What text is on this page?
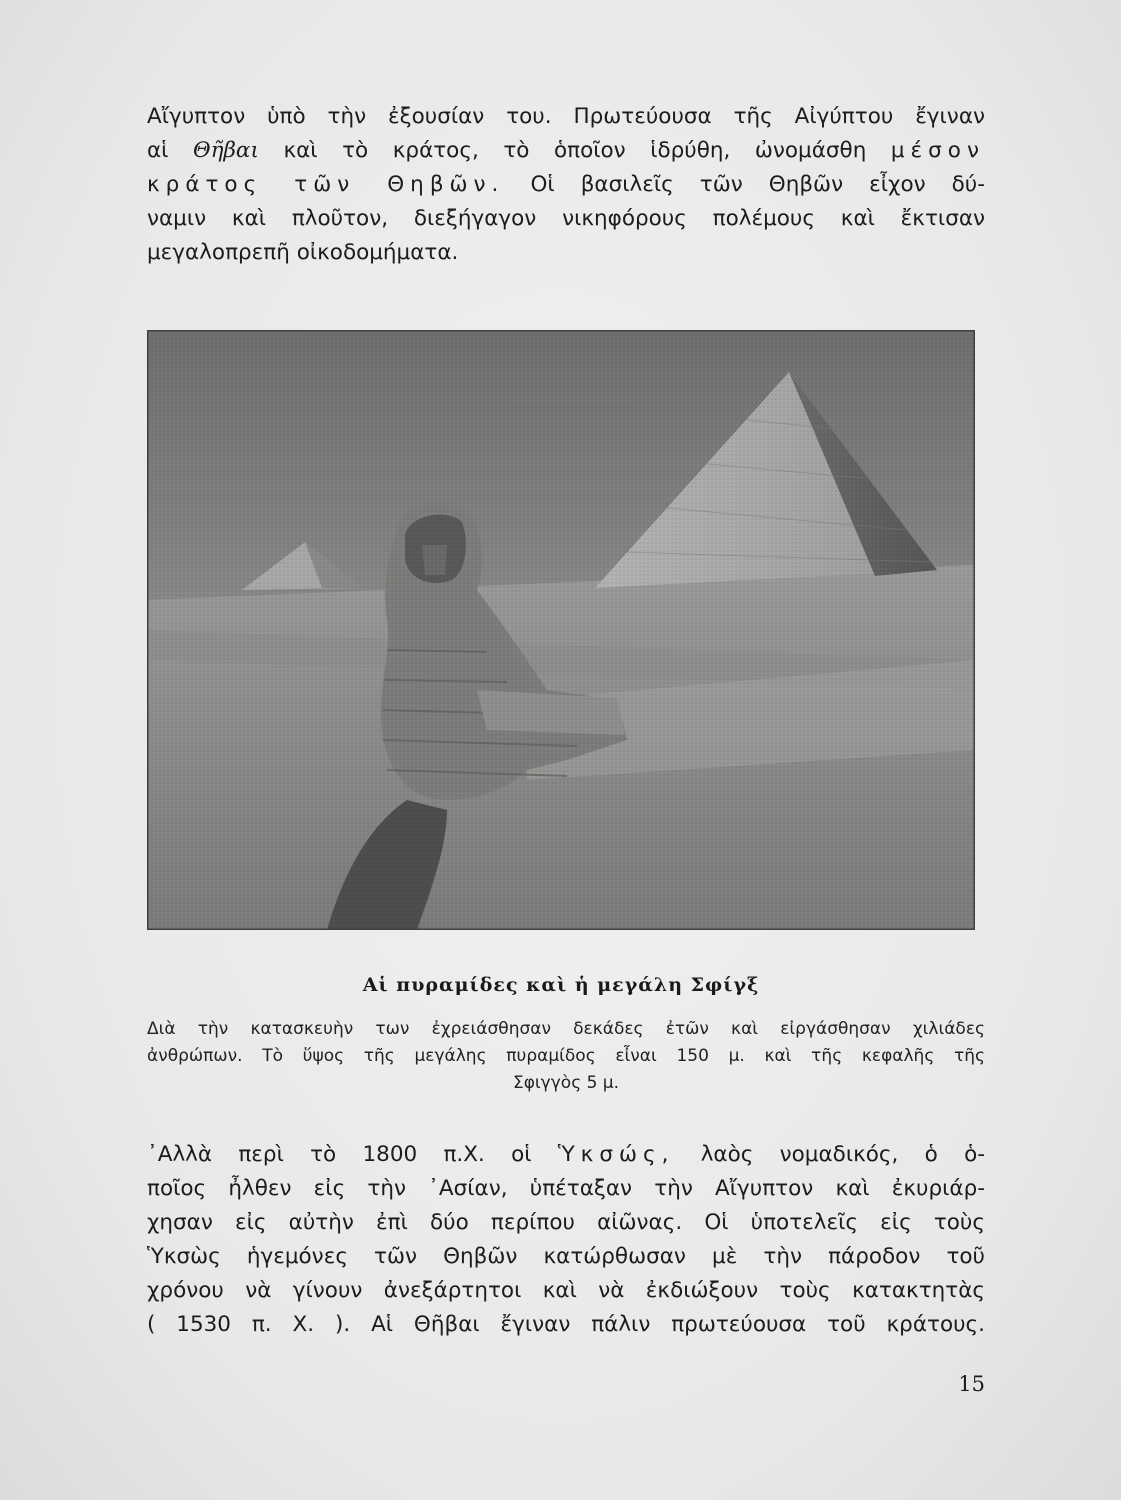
Αἴγυπτον ὑπὸ τὴν ἐξουσίαν του. Πρωτεύουσα τῆς Αἰγύπτου ἔγιναν
αἱ Θῆβαι καὶ τὸ κράτος, τὸ ὁποῖον ἱδρύθη, ὠνομάσθη μέσον
κράτος τῶν Θηβῶν. Οἱ βασιλεῖς τῶν Θηβῶν εἶχον δύ-
ναμιν καὶ πλοῦτον, διεξήγαγον νικηφόρους πολέμους καὶ ἔκτισαν
μεγαλοπρεπῆ οἰκοδομήματα.

Αἱ πυραμίδες καὶ ἡ μεγάλη Σφίγξ

Διὰ τὴν κατασκευὴν των ἐχρειάσθησαν δεκάδες ἐτῶν καὶ εἰργάσθησαν χιλιάδες
ἀνθρώπων. Τὸ ὕψος τῆς μεγάλης πυραμίδος εἶναι 150 μ. καὶ τῆς κεφαλῆς τῆς
Σφιγγὸς 5 μ.

᾿Αλλὰ περὶ τὸ 1800 π.Χ. οἱ Ὑκσώς, λαὸς νομαδικός, ὁ ὁ-
ποῖος ἦλθεν εἰς τὴν ᾿Ασίαν, ὑπέταξαν τὴν Αἴγυπτον καὶ ἐκυριάρ-
χησαν εἰς αὐτὴν ἐπὶ δύο περίπου αἰῶνας. Οἱ ὑποτελεῖς εἰς τοὺς
Ὑκσὼς ἡγεμόνες τῶν Θηβῶν κατώρθωσαν μὲ τὴν πάροδον τοῦ
χρόνου νὰ γίνουν ἀνεξάρτητοι καὶ νὰ ἐκδιώξουν τοὺς κατακτητὰς
( 1530 π. Χ. ). Αἱ Θῆβαι ἔγιναν πάλιν πρωτεύουσα τοῦ κράτους.

15
